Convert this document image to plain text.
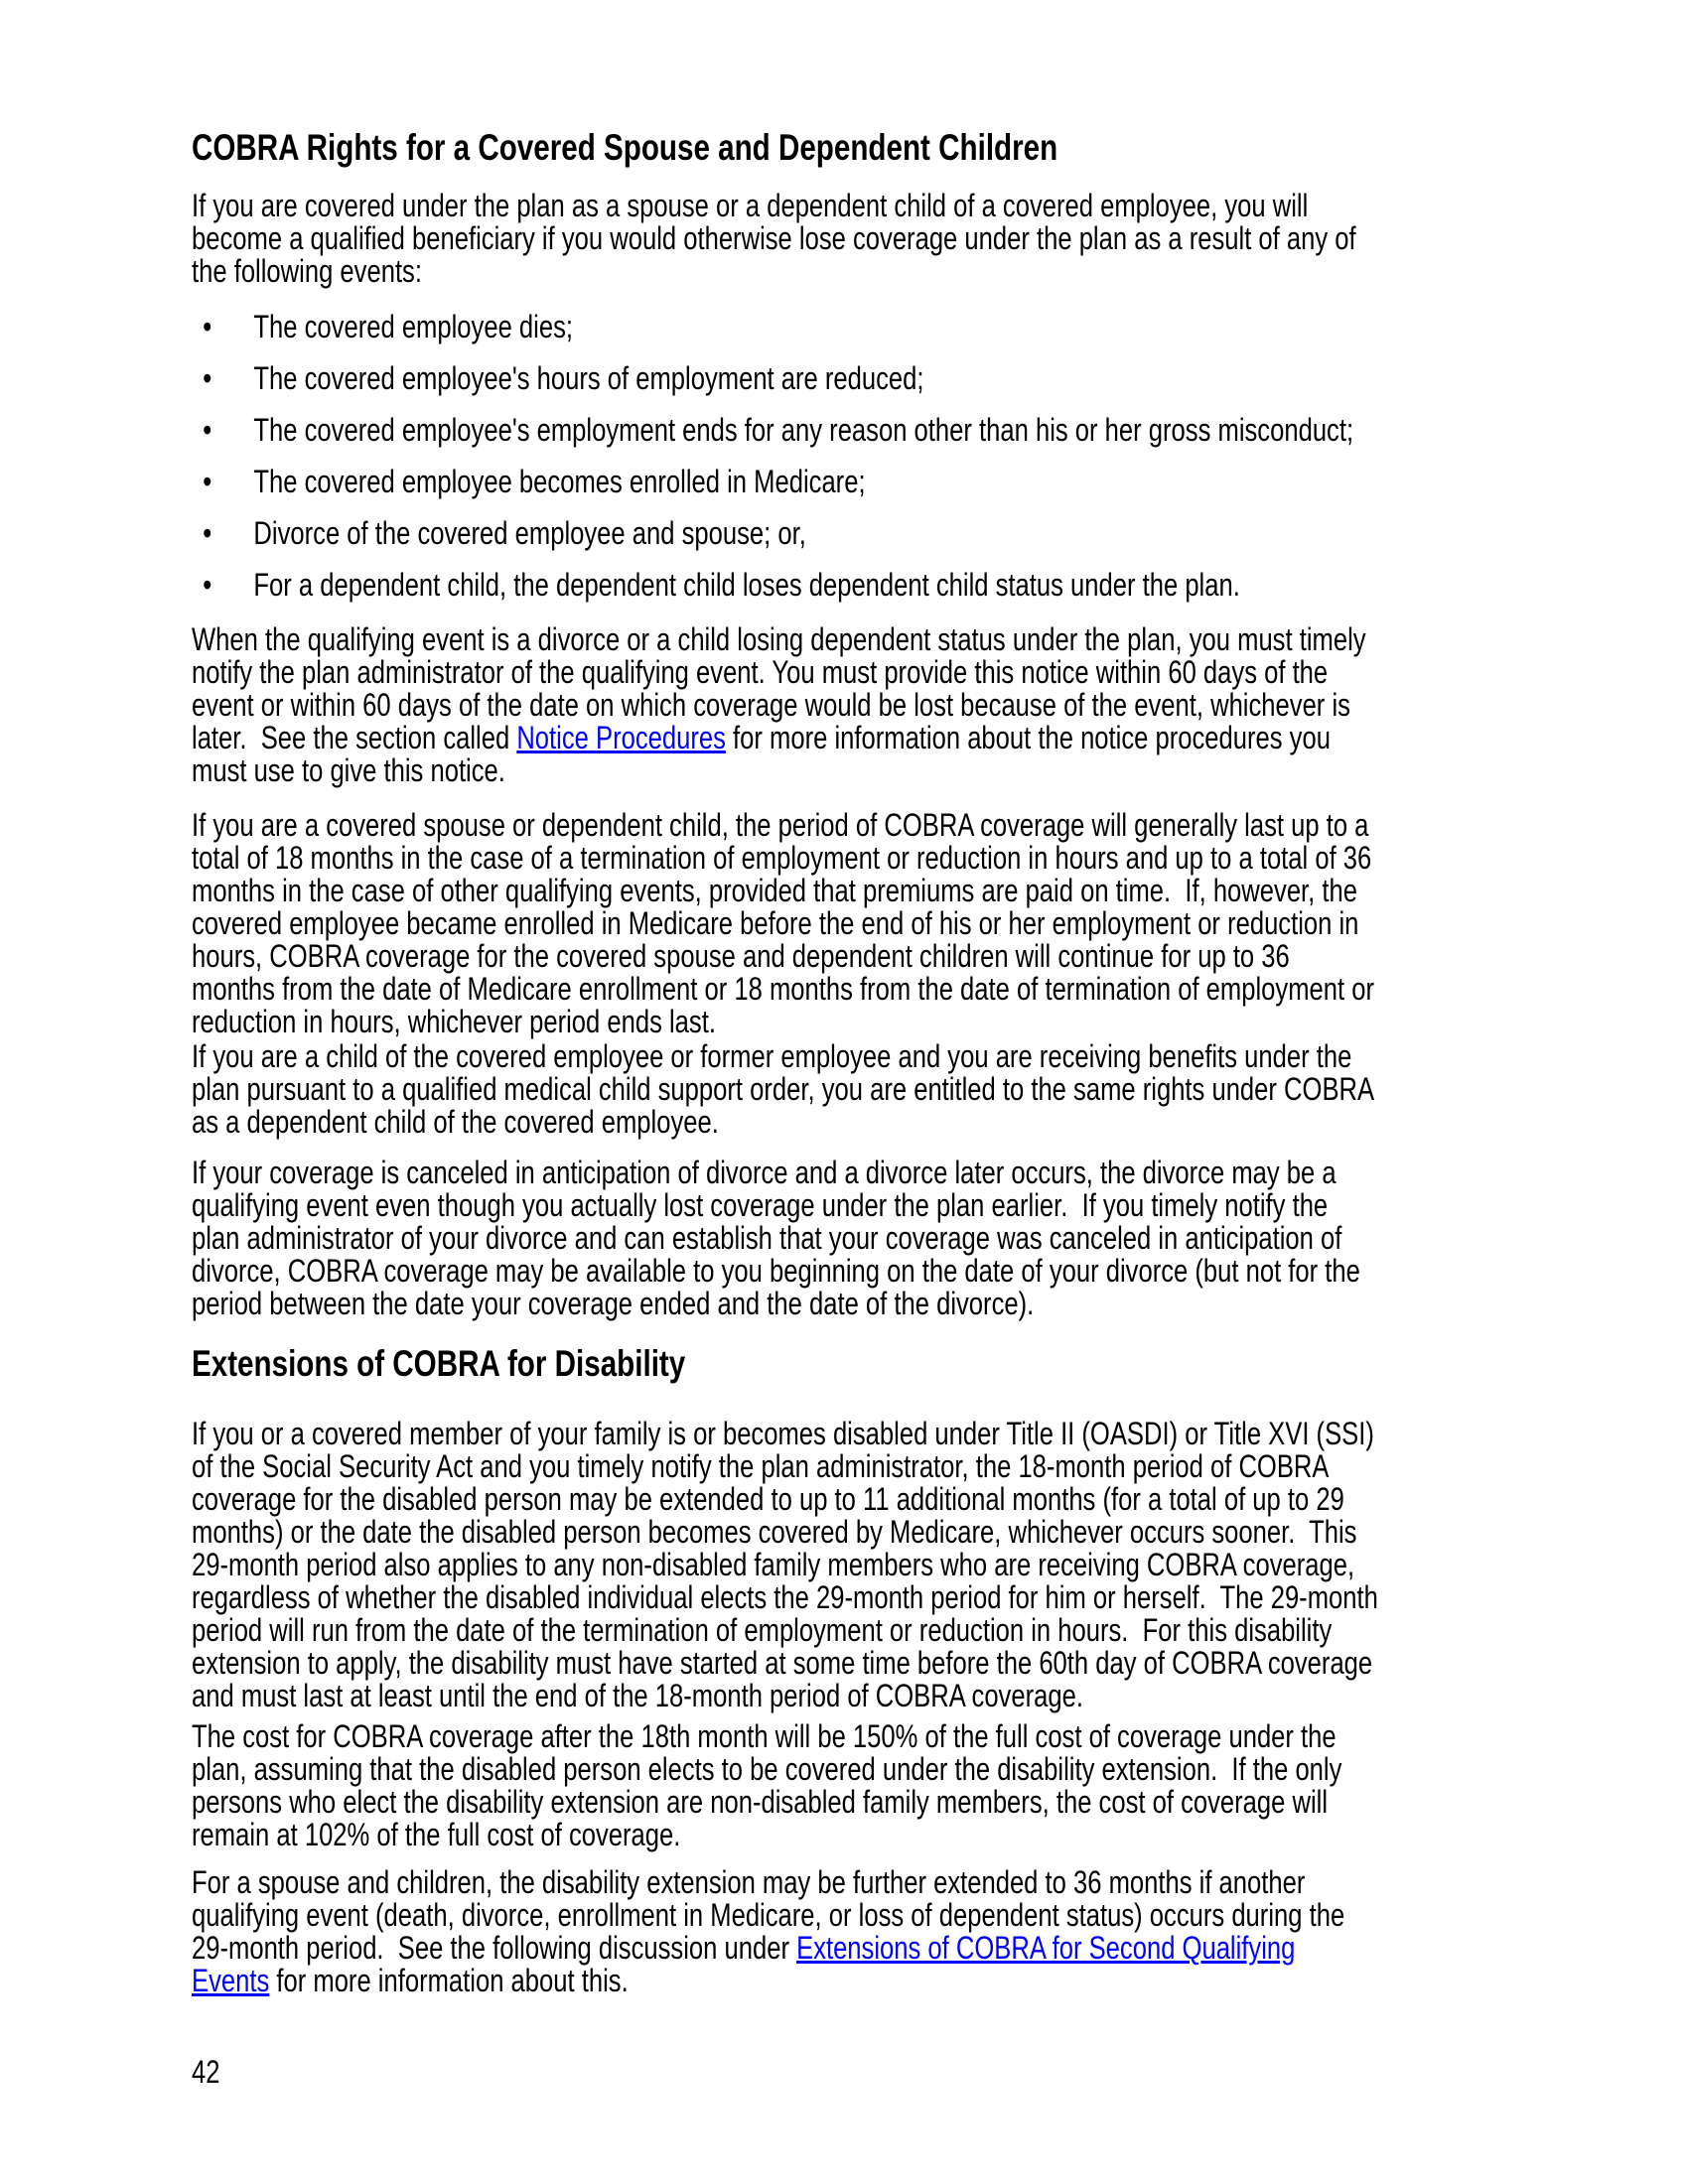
COBRA Rights for a Covered Spouse and Dependent Children
If you are covered under the plan as a spouse or a dependent child of a covered employee, you will
become a qualified beneficiary if you would otherwise lose coverage under the plan as a result of any of
the following events:
• The covered employee dies;
• The covered employee's hours of employment are reduced;
• The covered employee's employment ends for any reason other than his or her gross misconduct;
• The covered employee becomes enrolled in Medicare;
• Divorce of the covered employee and spouse; or,
• For a dependent child, the dependent child loses dependent child status under the plan.
When the qualifying event is a divorce or a child losing dependent status under the plan, you must timely
notify the plan administrator of the qualifying event. You must provide this notice within 60 days of the
event or within 60 days of the date on which coverage would be lost because of the event, whichever is
later.  See the section called Notice Procedures for more information about the notice procedures you
must use to give this notice.
If you are a covered spouse or dependent child, the period of COBRA coverage will generally last up to a
total of 18 months in the case of a termination of employment or reduction in hours and up to a total of 36
months in the case of other qualifying events, provided that premiums are paid on time.  If, however, the
covered employee became enrolled in Medicare before the end of his or her employment or reduction in
hours, COBRA coverage for the covered spouse and dependent children will continue for up to 36
months from the date of Medicare enrollment or 18 months from the date of termination of employment or
reduction in hours, whichever period ends last.
If you are a child of the covered employee or former employee and you are receiving benefits under the
plan pursuant to a qualified medical child support order, you are entitled to the same rights under COBRA
as a dependent child of the covered employee.
If your coverage is canceled in anticipation of divorce and a divorce later occurs, the divorce may be a
qualifying event even though you actually lost coverage under the plan earlier.  If you timely notify the
plan administrator of your divorce and can establish that your coverage was canceled in anticipation of
divorce, COBRA coverage may be available to you beginning on the date of your divorce (but not for the
period between the date your coverage ended and the date of the divorce).
Extensions of COBRA for Disability
If you or a covered member of your family is or becomes disabled under Title II (OASDI) or Title XVI (SSI)
of the Social Security Act and you timely notify the plan administrator, the 18-month period of COBRA
coverage for the disabled person may be extended to up to 11 additional months (for a total of up to 29
months) or the date the disabled person becomes covered by Medicare, whichever occurs sooner.  This
29-month period also applies to any non-disabled family members who are receiving COBRA coverage,
regardless of whether the disabled individual elects the 29-month period for him or herself.  The 29-month
period will run from the date of the termination of employment or reduction in hours.  For this disability
extension to apply, the disability must have started at some time before the 60th day of COBRA coverage
and must last at least until the end of the 18-month period of COBRA coverage.
The cost for COBRA coverage after the 18th month will be 150% of the full cost of coverage under the
plan, assuming that the disabled person elects to be covered under the disability extension.  If the only
persons who elect the disability extension are non-disabled family members, the cost of coverage will
remain at 102% of the full cost of coverage.
For a spouse and children, the disability extension may be further extended to 36 months if another
qualifying event (death, divorce, enrollment in Medicare, or loss of dependent status) occurs during the
29-month period.  See the following discussion under Extensions of COBRA for Second Qualifying
Events for more information about this.
42
